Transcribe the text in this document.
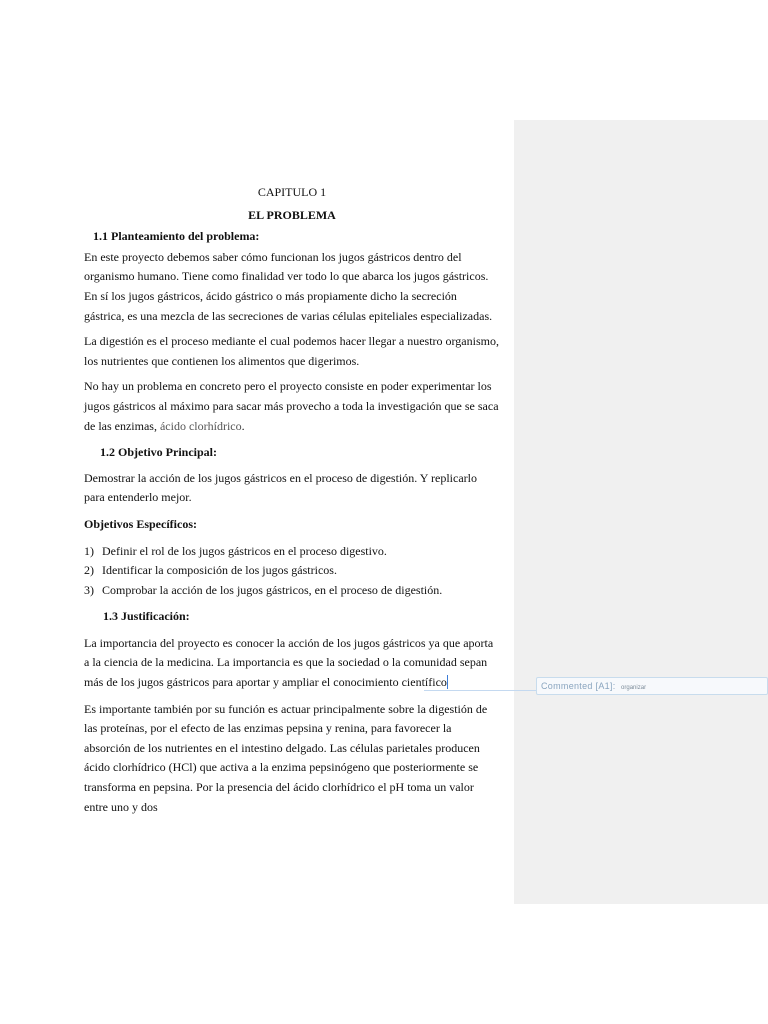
Commented [A1]: organizar

CAPITULO 1

EL PROBLEMA

1.1 Planteamiento del problema:

En este proyecto debemos saber cómo funcionan los jugos gástricos dentro del organismo humano. Tiene como finalidad ver todo lo que abarca los jugos gástricos. En sí los jugos gástricos, ácido gástrico o más propiamente dicho la secreción gástrica, es una mezcla de las secreciones de varias células epiteliales especializadas.

La digestión es el proceso mediante el cual podemos hacer llegar a nuestro organismo, los nutrientes que contienen los alimentos que digerimos.

No hay un problema en concreto pero el proyecto consiste en poder experimentar los jugos gástricos al máximo para sacar más provecho a toda la investigación que se saca de las enzimas, ácido clorhídrico.

1.2 Objetivo Principal:

Demostrar la acción de los jugos gástricos en el proceso de digestión. Y replicarlo para entenderlo mejor.

Objetivos Específicos:

1) Definir el rol de los jugos gástricos en el proceso digestivo.
2) Identificar la composición de los jugos gástricos.
3) Comprobar la acción de los jugos gástricos, en el proceso de digestión.

1.3 Justificación:

La importancia del proyecto es conocer la acción de los jugos gástricos ya que aporta a la ciencia de la medicina. La importancia es que la sociedad o la comunidad sepan más de los jugos gástricos para aportar y ampliar el conocimiento científico

Es importante también por su función es actuar principalmente sobre la digestión de las proteínas, por el efecto de las enzimas pepsina y renina, para favorecer la absorción de los nutrientes en el intestino delgado. Las células parietales producen ácido clorhídrico (HCl) que activa a la enzima pepsinógeno que posteriormente se transforma en pepsina. Por la presencia del ácido clorhídrico el pH toma un valor entre uno y dos
